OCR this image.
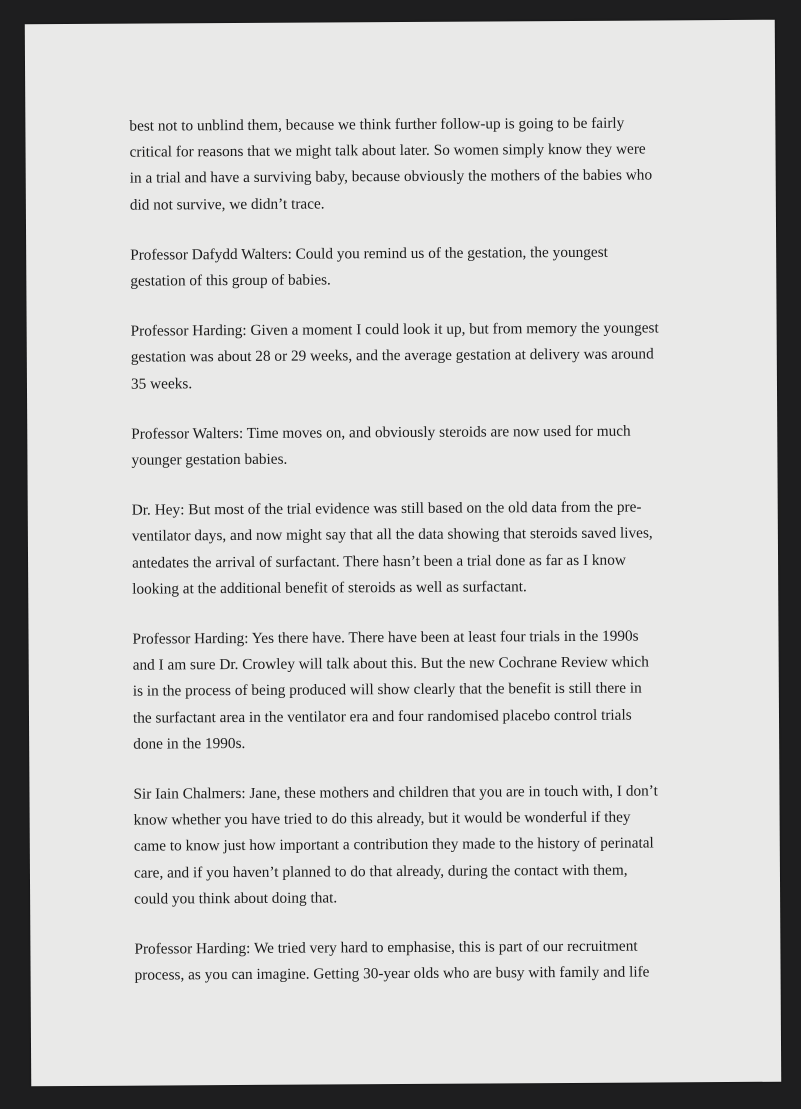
best not to unblind them, because we think further follow-up is going to be fairly
critical for reasons that we might talk about later. So women simply know they were
in a trial and have a surviving baby, because obviously the mothers of the babies who
did not survive, we didn’t trace.

Professor Dafydd Walters: Could you remind us of the gestation, the youngest
gestation of this group of babies.

Professor Harding: Given a moment I could look it up, but from memory the youngest
gestation was about 28 or 29 weeks, and the average gestation at delivery was around
35 weeks.

Professor Walters: Time moves on, and obviously steroids are now used for much
younger gestation babies.

Dr. Hey: But most of the trial evidence was still based on the old data from the pre-
ventilator days, and now might say that all the data showing that steroids saved lives,
antedates the arrival of surfactant. There hasn’t been a trial done as far as I know
looking at the additional benefit of steroids as well as surfactant.

Professor Harding: Yes there have. There have been at least four trials in the 1990s
and I am sure Dr. Crowley will talk about this. But the new Cochrane Review which
is in the process of being produced will show clearly that the benefit is still there in
the surfactant area in the ventilator era and four randomised placebo control trials
done in the 1990s.

Sir Iain Chalmers: Jane, these mothers and children that you are in touch with, I don’t
know whether you have tried to do this already, but it would be wonderful if they
came to know just how important a contribution they made to the history of perinatal
care, and if you haven’t planned to do that already, during the contact with them,
could you think about doing that.

Professor Harding: We tried very hard to emphasise, this is part of our recruitment
process, as you can imagine. Getting 30-year olds who are busy with family and life
